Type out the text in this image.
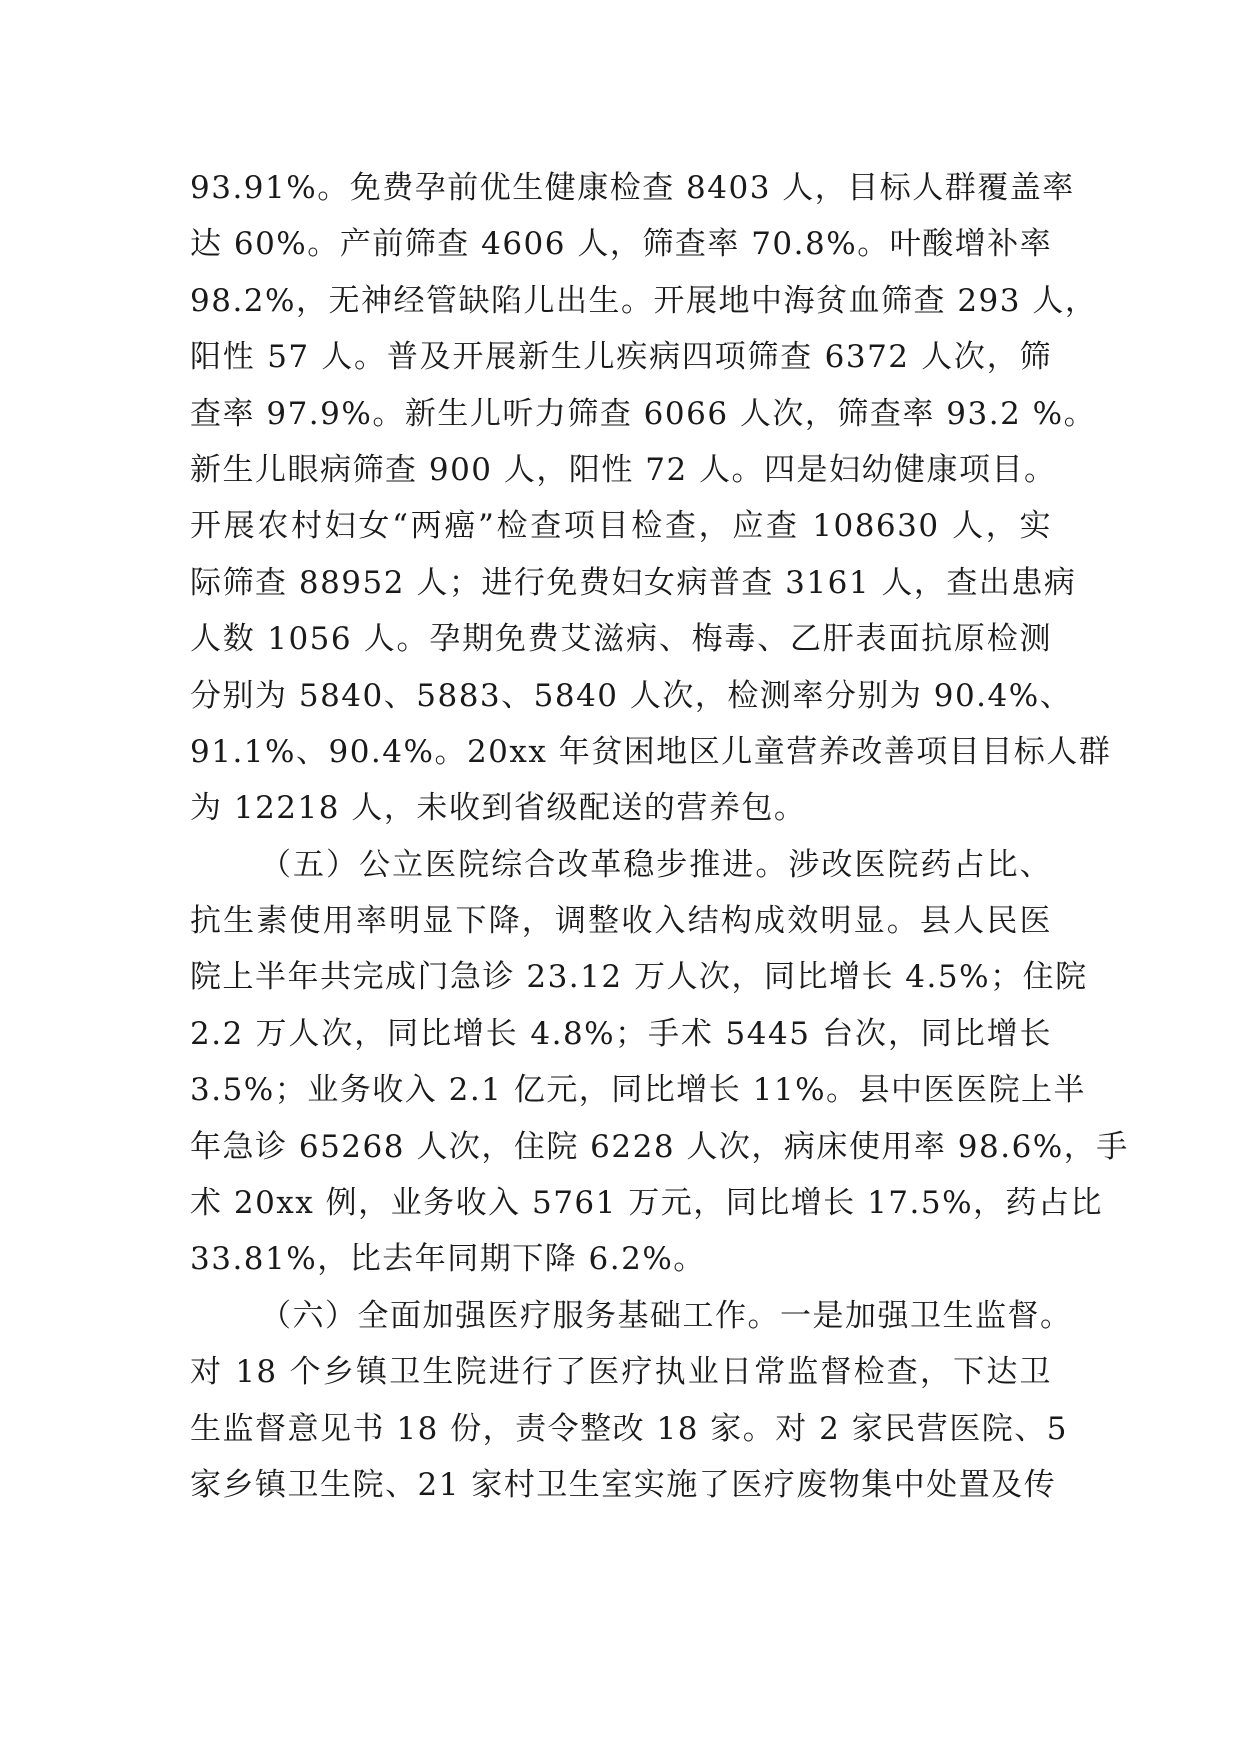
93.91%。免费孕前优生健康检查 8403 人，目标人群覆盖率
达 60%。产前筛查 4606 人，筛查率 70.8%。叶酸增补率
98.2%，无神经管缺陷儿出生。开展地中海贫血筛查 293 人，
阳性 57 人。普及开展新生儿疾病四项筛查 6372 人次，筛
查率 97.9%。新生儿听力筛查 6066 人次，筛查率 93.2 %。
新生儿眼病筛查 900 人，阳性 72 人。四是妇幼健康项目。
开展农村妇女“两癌”检查项目检查，应查 108630 人，实
际筛查 88952 人；进行免费妇女病普查 3161 人，查出患病
人数 1056 人。孕期免费艾滋病、梅毒、乙肝表面抗原检测
分别为 5840、5883、5840 人次，检测率分别为 90.4%、
91.1%、90.4%。20xx 年贫困地区儿童营养改善项目目标人群
为 12218 人，未收到省级配送的营养包。
（五）公立医院综合改革稳步推进。涉改医院药占比、
抗生素使用率明显下降，调整收入结构成效明显。县人民医
院上半年共完成门急诊 23.12 万人次，同比增长 4.5%；住院
2.2 万人次，同比增长 4.8%；手术 5445 台次，同比增长
3.5%；业务收入 2.1 亿元，同比增长 11%。县中医医院上半
年急诊 65268 人次，住院 6228 人次，病床使用率 98.6%，手
术 20xx 例，业务收入 5761 万元，同比增长 17.5%，药占比
33.81%，比去年同期下降 6.2%。
（六）全面加强医疗服务基础工作。一是加强卫生监督。
对 18 个乡镇卫生院进行了医疗执业日常监督检查，下达卫
生监督意见书 18 份，责令整改 18 家。对 2 家民营医院、5
家乡镇卫生院、21 家村卫生室实施了医疗废物集中处置及传
